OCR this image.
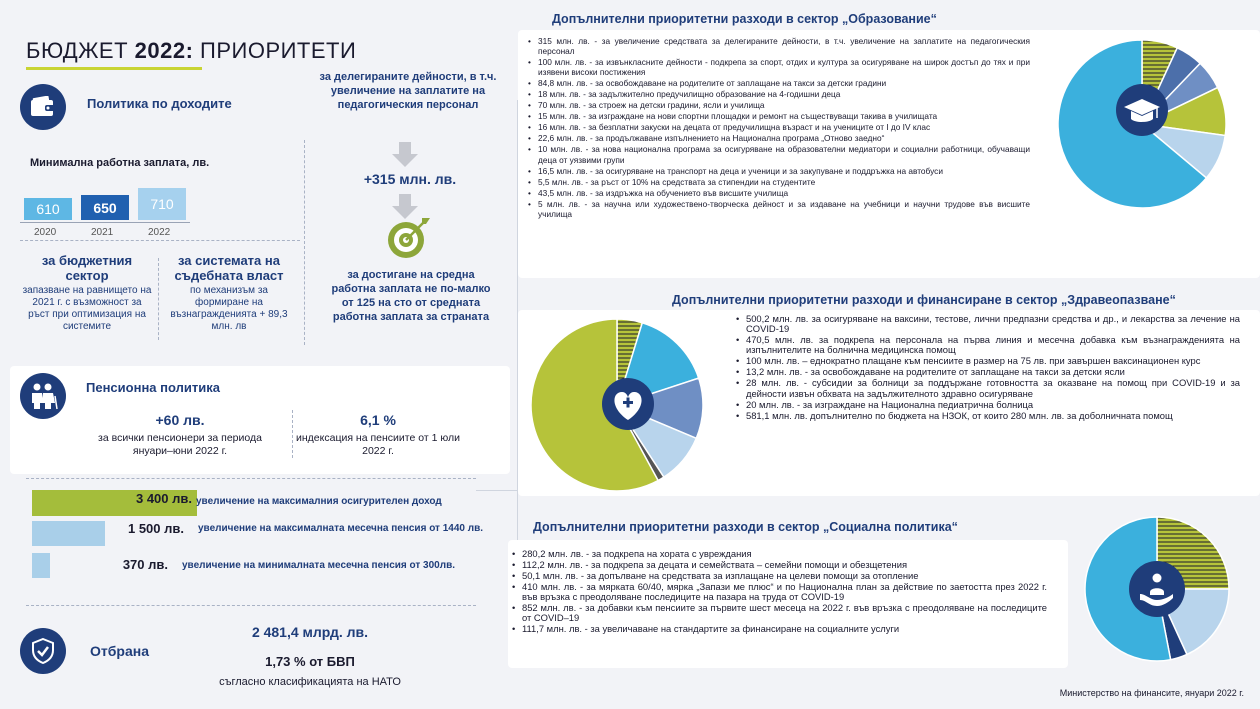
БЮДЖЕТ 2022: ПРИОРИТЕТИ
Политика по доходите
Минимална работна заплата, лв.
610	650	710
2020	2021	2022
за бюджетния сектор
запазване на равнището на 2021 г. с възможност за ръст при оптимизация на системите
за системата на съдебната власт
по механизъм за формиране на възнагражденията + 89,3 млн. лв
за делегираните дейности, в т.ч. увеличение на заплатите на педагогическия персонал
+315 млн. лв.
за достигане на средна работна заплата не по-малко от 125 на сто от средната работна заплата за страната
Пенсионна политика
+60 лв.
за всички пенсионери за периода януари–юни 2022 г.
6,1 %
индексация на пенсиите от 1 юли 2022 г.
3 400 лв. увеличение на максималния осигурителен доход
1 500 лв. увеличение на максималната месечна пенсия от 1440 лв.
370 лв. увеличение на минималната месечна пенсия от 300лв.
Отбрана
2 481,4 млрд. лв.
1,73 % от БВП
съгласно класификацията на НАТО
Допълнителни приоритетни разходи в сектор „Образование“
• 315 млн. лв. - за увеличение средствата за делегираните дейности, в т.ч. увеличение на заплатите на педагогическия персонал
• 100 млн. лв. - за извънкласните дейности - подкрепа за спорт, отдих и култура за осигуряване на широк достъп до тях и при изявени високи постижения
• 84,8 млн. лв. - за освобождаване на родителите от заплащане на такси за детски градини
• 18 млн. лв. - за задължително предучилищно образование на 4-годишни деца
• 70 млн. лв. - за строеж на детски градини, ясли и училища
• 15 млн. лв. - за изграждане на нови спортни площадки и ремонт на съществуващи такива в училищата
• 16 млн. лв. - за безплатни закуски на децата от предучилищна възраст и на учениците от I до IV клас
• 22,6 млн. лв. - за продължаване изпълнението на Национална програма „Отново заедно“
• 10 млн. лв. - за нова национална програма за осигуряване на образователни медиатори и социални работници, обучаващи деца от уязвими групи
• 16,5 млн. лв. - за осигуряване на транспорт на деца и ученици и за закупуване и поддръжка на автобуси
• 5,5 млн. лв. - за ръст от 10% на средствата за стипендии на студентите
• 43,5 млн. лв. - за издръжка на обучението във висшите училища
• 5 млн. лв. - за научна или художествено-творческа дейност и за издаване на учебници и научни трудове във висшите училища
Допълнителни приоритетни разходи и финансиране в сектор „Здравеопазване“
• 500,2 млн. лв. за осигуряване на ваксини, тестове, лични предпазни средства и др., и лекарства за лечение на COVID-19
• 470,5 млн. лв. за подкрепа на персонала на първа линия и месечна добавка към възнагражденията на изпълнителите на болнична медицинска помощ
• 100 млн. лв. – еднократно плащане към пенсиите в размер на 75 лв. при завършен ваксинационен курс
• 13,2 млн. лв. - за освобождаване на родителите от заплащане на такси за детски ясли
• 28 млн. лв. - субсидии за болници за поддържане готовността за оказване на помощ при COVID-19 и за дейности извън обхвата на задължителното здравно осигуряване
• 20 млн. лв. - за изграждане на Национална педиатрична болница
• 581,1 млн. лв. допълнително по бюджета на НЗОК, от които 280 млн. лв. за доболничната помощ
Допълнителни приоритетни разходи в сектор „Социална политика“
• 280,2 млн. лв. - за подкрепа на хората с увреждания
• 112,2 млн. лв. - за подкрепа за децата и семействата – семейни помощи и обезщетения
• 50,1 млн. лв. - за допълване на средствата за изплащане на целеви помощи за отопление
• 410 млн. лв. - за мярката 60/40, мярка „Запази ме плюс“ и по Национална план за действие по заетостта през 2022 г. във връзка с преодоляване последиците на пазара на труда от COVID-19
• 852 млн. лв. - за добавки към пенсиите за първите шест месеца на 2022 г. във връзка с преодоляване на последиците от COVID–19
• 111,7 млн. лв. - за увеличаване на стандартите за финансиране на социалните услуги
Министерство на финансите, януари 2022 г.
